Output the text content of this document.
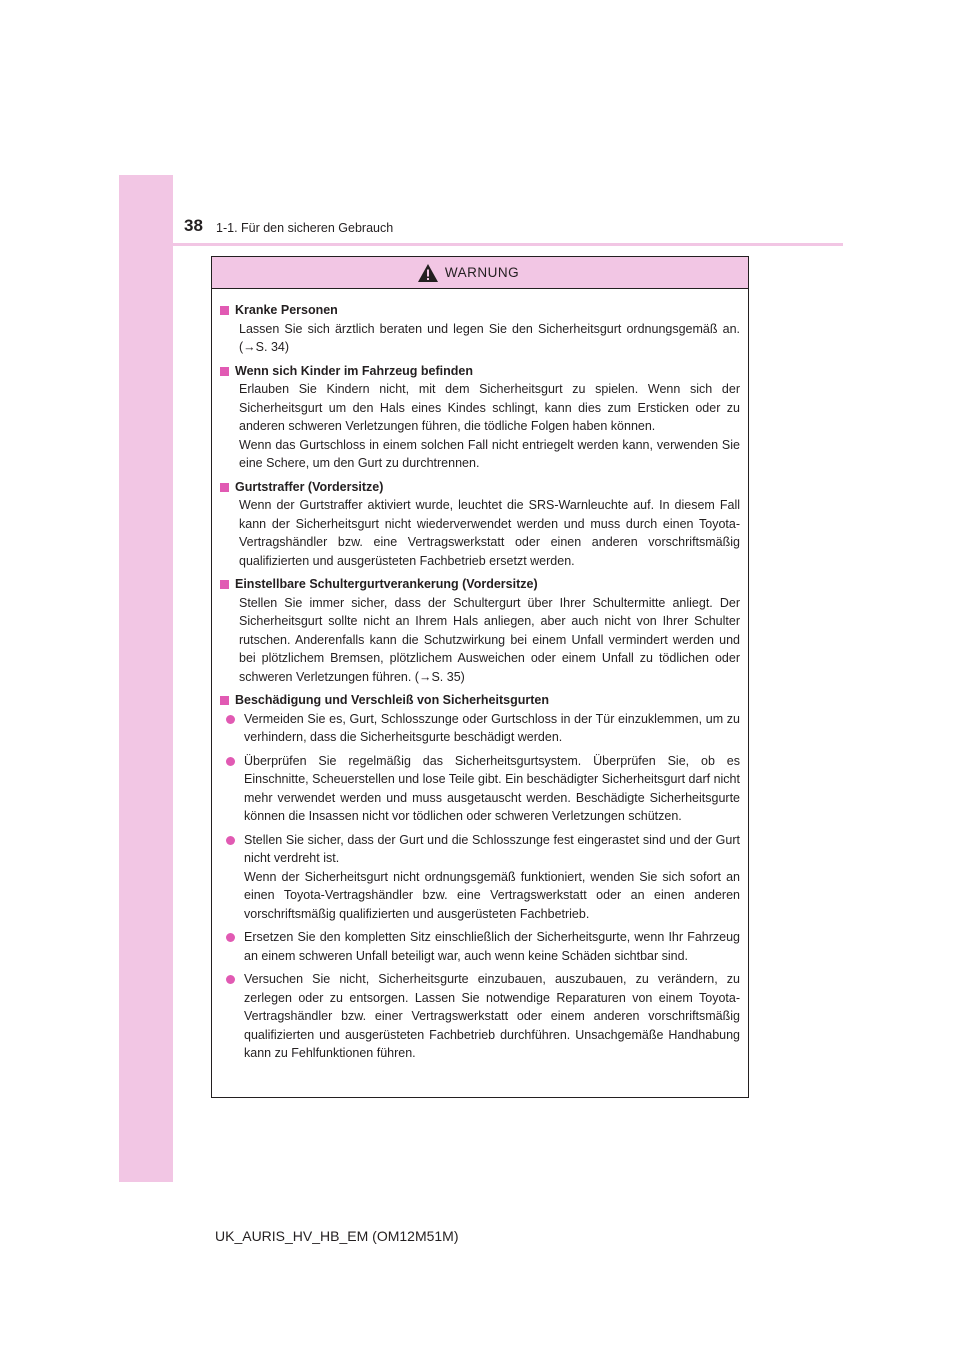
38 1-1. Für den sicheren Gebrauch
WARNUNG
Kranke Personen
Lassen Sie sich ärztlich beraten und legen Sie den Sicherheitsgurt ordnungsgemäß an. (→S. 34)
Wenn sich Kinder im Fahrzeug befinden
Erlauben Sie Kindern nicht, mit dem Sicherheitsgurt zu spielen. Wenn sich der Sicherheitsgurt um den Hals eines Kindes schlingt, kann dies zum Ersticken oder zu anderen schweren Verletzungen führen, die tödliche Folgen haben können.
Wenn das Gurtschloss in einem solchen Fall nicht entriegelt werden kann, verwenden Sie eine Schere, um den Gurt zu durchtrennen.
Gurtstraffer (Vordersitze)
Wenn der Gurtstraffer aktiviert wurde, leuchtet die SRS-Warnleuchte auf. In diesem Fall kann der Sicherheitsgurt nicht wiederverwendet werden und muss durch einen Toyota-Vertragshändler bzw. eine Vertragswerkstatt oder einen anderen vorschriftsmäßig qualifizierten und ausgerüsteten Fachbetrieb ersetzt werden.
Einstellbare Schultergurtverankerung (Vordersitze)
Stellen Sie immer sicher, dass der Schultergurt über Ihrer Schultermitte anliegt. Der Sicherheitsgurt sollte nicht an Ihrem Hals anliegen, aber auch nicht von Ihrer Schulter rutschen. Anderenfalls kann die Schutzwirkung bei einem Unfall vermindert werden und bei plötzlichem Bremsen, plötzlichem Ausweichen oder einem Unfall zu tödlichen oder schweren Verletzungen führen. (→S. 35)
Beschädigung und Verschleiß von Sicherheitsgurten
Vermeiden Sie es, Gurt, Schlosszunge oder Gurtschloss in der Tür einzuklemmen, um zu verhindern, dass die Sicherheitsgurte beschädigt werden.
Überprüfen Sie regelmäßig das Sicherheitsgurtsystem. Überprüfen Sie, ob es Einschnitte, Scheuerstellen und lose Teile gibt. Ein beschädigter Sicherheitsgurt darf nicht mehr verwendet werden und muss ausgetauscht werden. Beschädigte Sicherheitsgurte können die Insassen nicht vor tödlichen oder schweren Verletzungen schützen.
Stellen Sie sicher, dass der Gurt und die Schlosszunge fest eingerastet sind und der Gurt nicht verdreht ist.
Wenn der Sicherheitsgurt nicht ordnungsgemäß funktioniert, wenden Sie sich sofort an einen Toyota-Vertragshändler bzw. eine Vertragswerkstatt oder an einen anderen vorschriftsmäßig qualifizierten und ausgerüsteten Fachbetrieb.
Ersetzen Sie den kompletten Sitz einschließlich der Sicherheitsgurte, wenn Ihr Fahrzeug an einem schweren Unfall beteiligt war, auch wenn keine Schäden sichtbar sind.
Versuchen Sie nicht, Sicherheitsgurte einzubauen, auszubauen, zu verändern, zu zerlegen oder zu entsorgen. Lassen Sie notwendige Reparaturen von einem Toyota-Vertragshändler bzw. einer Vertragswerkstatt oder einem anderen vorschriftsmäßig qualifizierten und ausgerüsteten Fachbetrieb durchführen. Unsachgemäße Handhabung kann zu Fehlfunktionen führen.
UK_AURIS_HV_HB_EM (OM12M51M)
